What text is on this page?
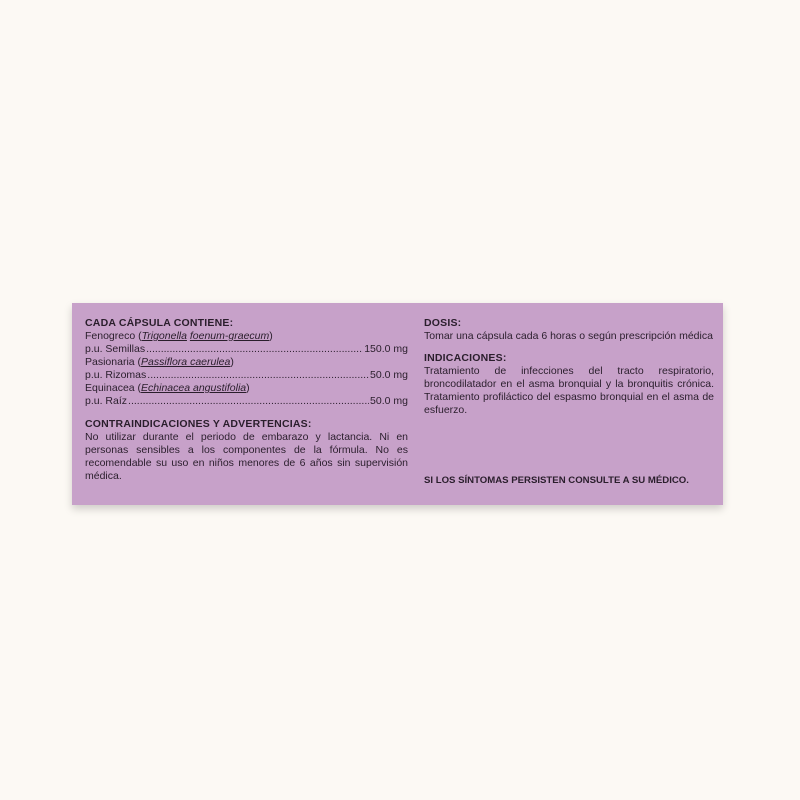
CADA CÁPSULA CONTIENE:

Fenogreco (Trigonella foenum-graecum)

p.u. Semillas .....	150.0 mg

Pasionaria (Passiflora caerulea)

p.u. Rizomas .....	50.0 mg

Equinacea (Echinacea angustifolia)

p.u. Raíz .....	50.0 mg

CONTRAINDICACIONES Y ADVERTENCIAS:

No utilizar durante el periodo de embarazo y lactancia. Ni en personas sensibles a los componentes de la fórmula. No es recomendable su uso en niños menores de 6 años sin supervisión médica.

DOSIS:

Tomar una cápsula cada 6 horas o según prescripción médica

INDICACIONES:

Tratamiento de infecciones del tracto respiratorio, broncodilatador en el asma bronquial y la bronquitis crónica. Tratamiento profiláctico del espasmo bronquial en el asma de esfuerzo.

SI LOS SÍNTOMAS PERSISTEN CONSULTE A SU MÉDICO.
